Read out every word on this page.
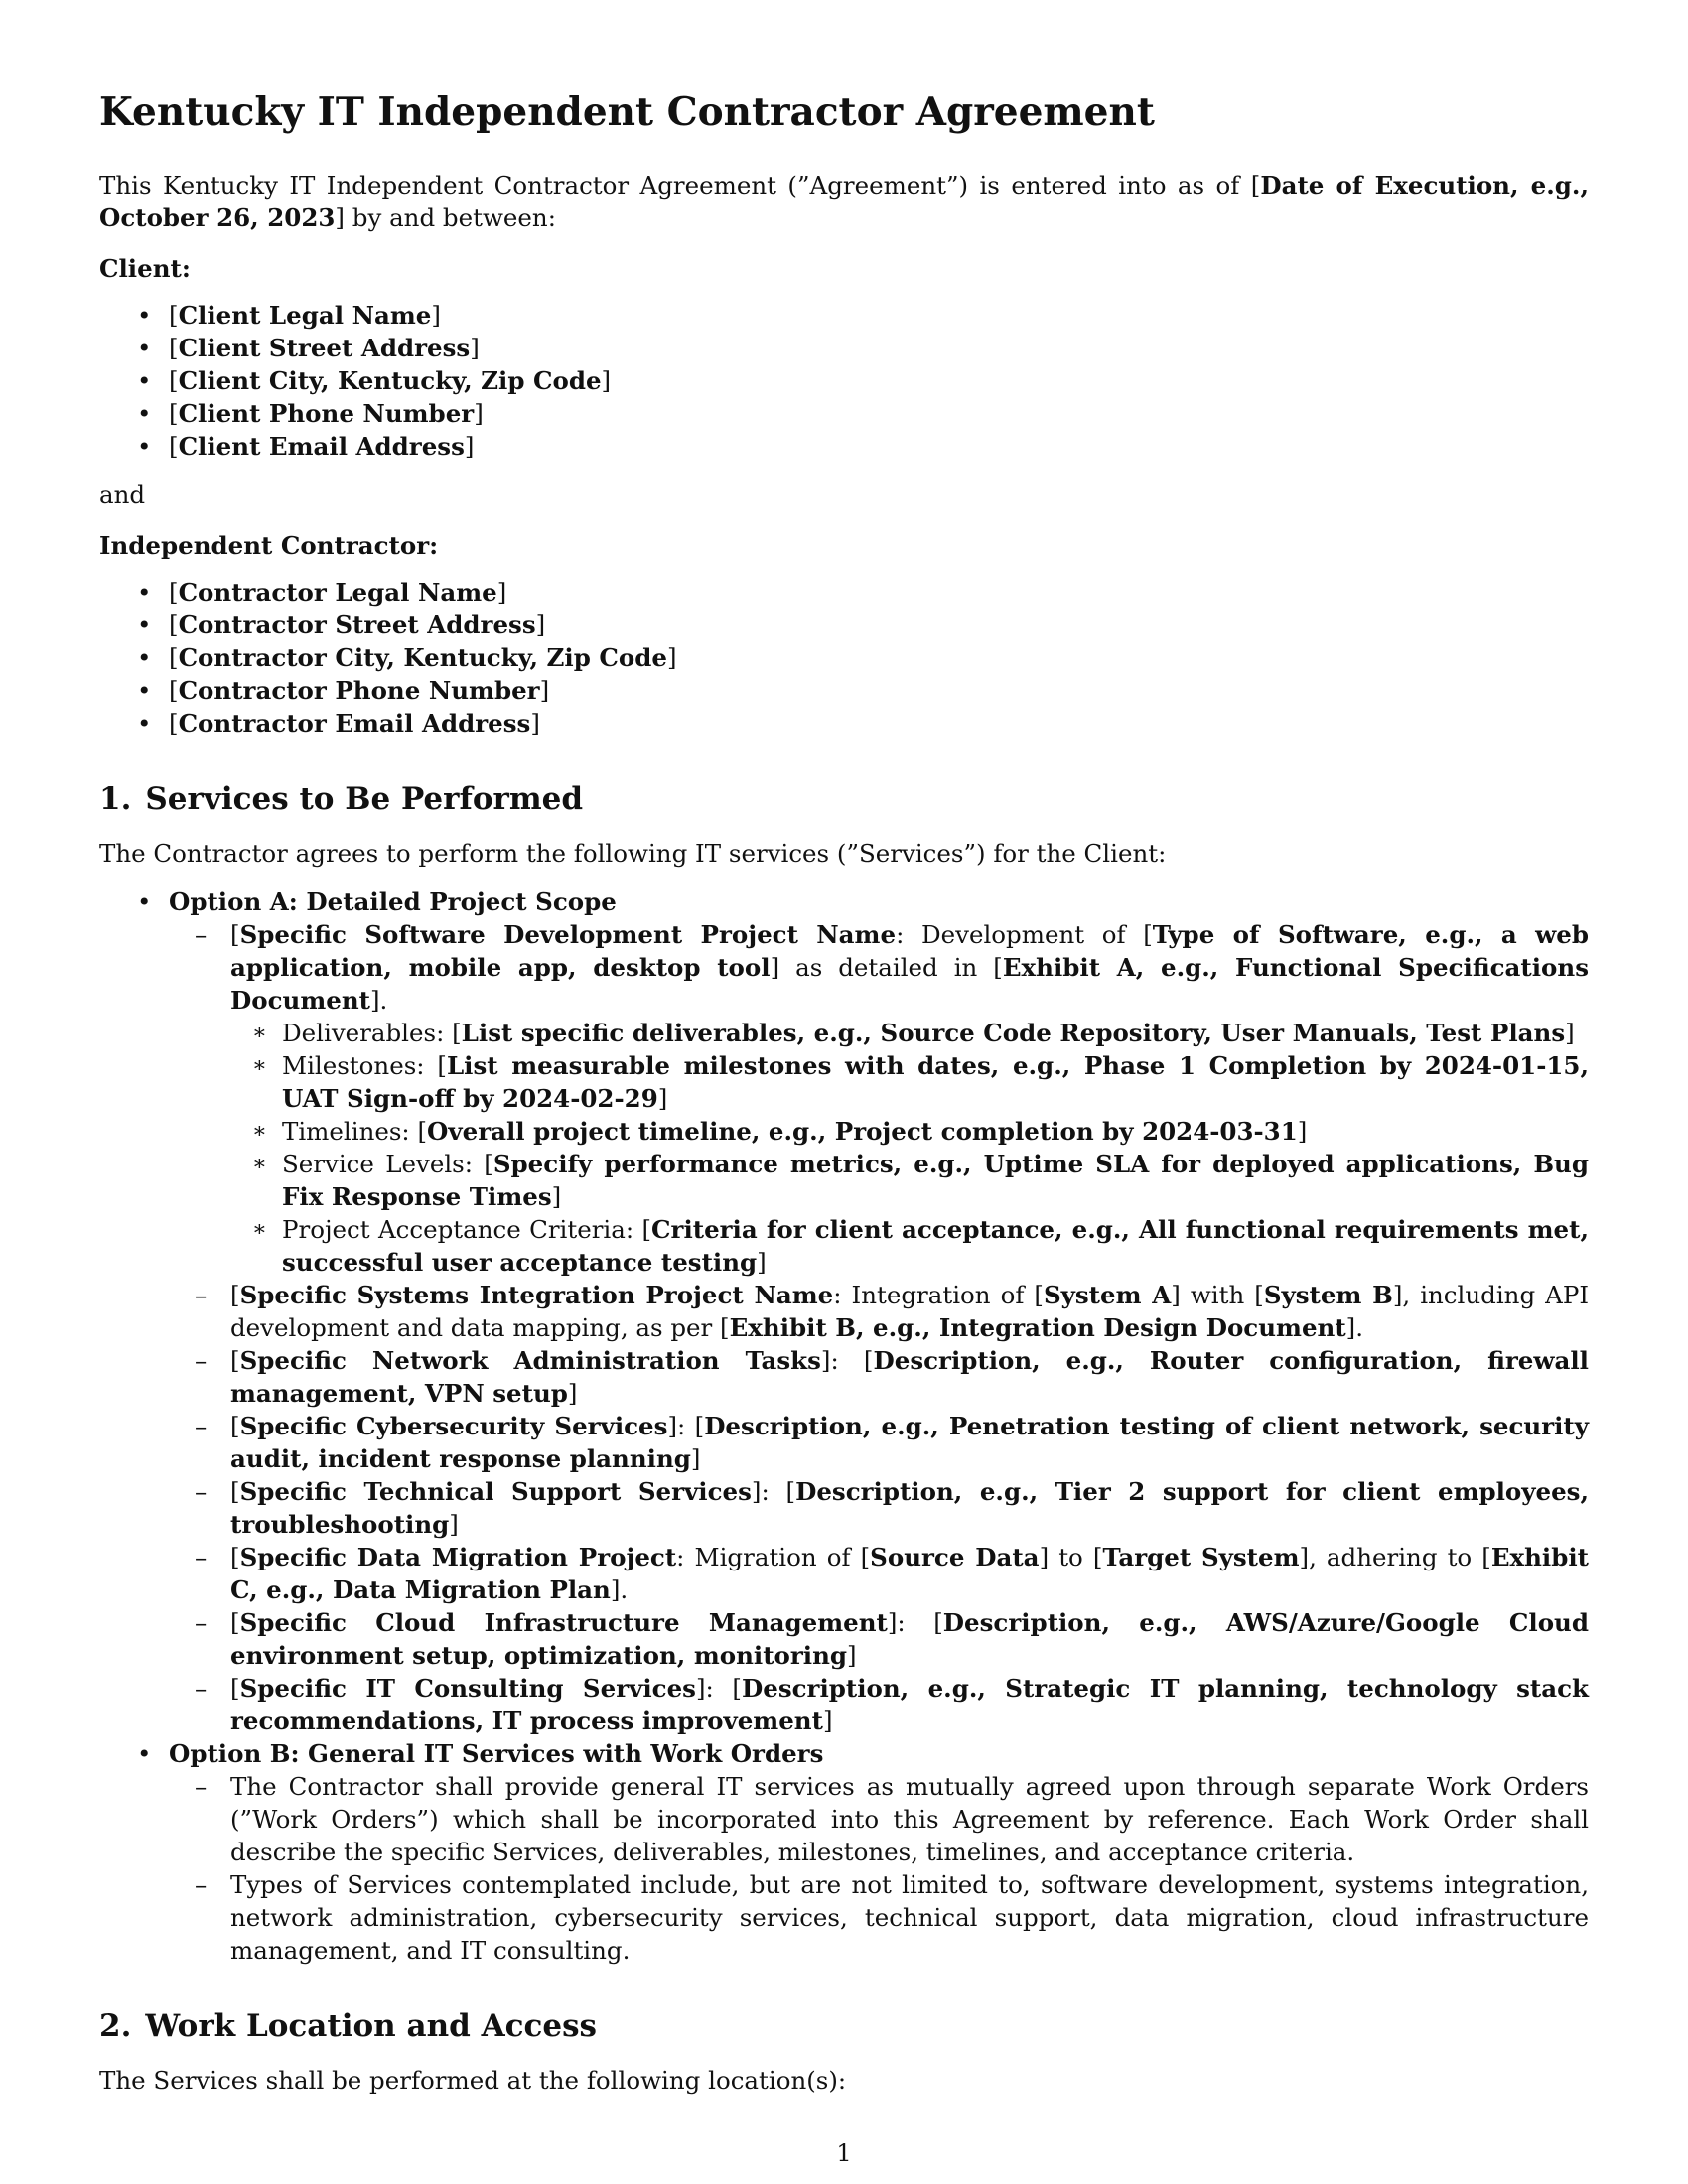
Kentucky IT Independent Contractor Agreement

This Kentucky IT Independent Contractor Agreement (”Agreement”) is entered into as of [Date of Execution, e.g., October 26, 2023] by and between:

Client:
• [Client Legal Name]
• [Client Street Address]
• [Client City, Kentucky, Zip Code]
• [Client Phone Number]
• [Client Email Address]

and

Independent Contractor:
• [Contractor Legal Name]
• [Contractor Street Address]
• [Contractor City, Kentucky, Zip Code]
• [Contractor Phone Number]
• [Contractor Email Address]
1. Services to Be Performed

The Contractor agrees to perform the following IT services (”Services”) for the Client:

• Option A: Detailed Project Scope
– [Specific Software Development Project Name: Development of [Type of Software, e.g., a web application, mobile app, desktop tool] as detailed in [Exhibit A, e.g., Functional Specifications Document].
∗ Deliverables: [List specific deliverables, e.g., Source Code Repository, User Manuals, Test Plans]
∗ Milestones: [List measurable milestones with dates, e.g., Phase 1 Completion by 2024-01-15, UAT Sign-off by 2024-02-29]
∗ Timelines: [Overall project timeline, e.g., Project completion by 2024-03-31]
∗ Service Levels: [Specify performance metrics, e.g., Uptime SLA for deployed applications, Bug Fix Response Times]
∗ Project Acceptance Criteria: [Criteria for client acceptance, e.g., All functional requirements met, successful user acceptance testing]
– [Specific Systems Integration Project Name: Integration of [System A] with [System B], including API development and data mapping, as per [Exhibit B, e.g., Integration Design Document].
– [Specific Network Administration Tasks]: [Description, e.g., Router configuration, firewall management, VPN setup]
– [Specific Cybersecurity Services]: [Description, e.g., Penetration testing of client network, security audit, incident response planning]
– [Specific Technical Support Services]: [Description, e.g., Tier 2 support for client employees, troubleshooting]
– [Specific Data Migration Project: Migration of [Source Data] to [Target System], adhering to [Exhibit C, e.g., Data Migration Plan].
– [Specific Cloud Infrastructure Management]: [Description, e.g., AWS/Azure/Google Cloud environment setup, optimization, monitoring]
– [Specific IT Consulting Services]: [Description, e.g., Strategic IT planning, technology stack recommendations, IT process improvement]
• Option B: General IT Services with Work Orders
– The Contractor shall provide general IT services as mutually agreed upon through separate Work Orders (”Work Orders”) which shall be incorporated into this Agreement by reference. Each Work Order shall describe the specific Services, deliverables, milestones, timelines, and acceptance criteria.
– Types of Services contemplated include, but are not limited to, software development, systems integration, network administration, cybersecurity services, technical support, data migration, cloud infrastructure management, and IT consulting.
2. Work Location and Access

The Services shall be performed at the following location(s):

1
